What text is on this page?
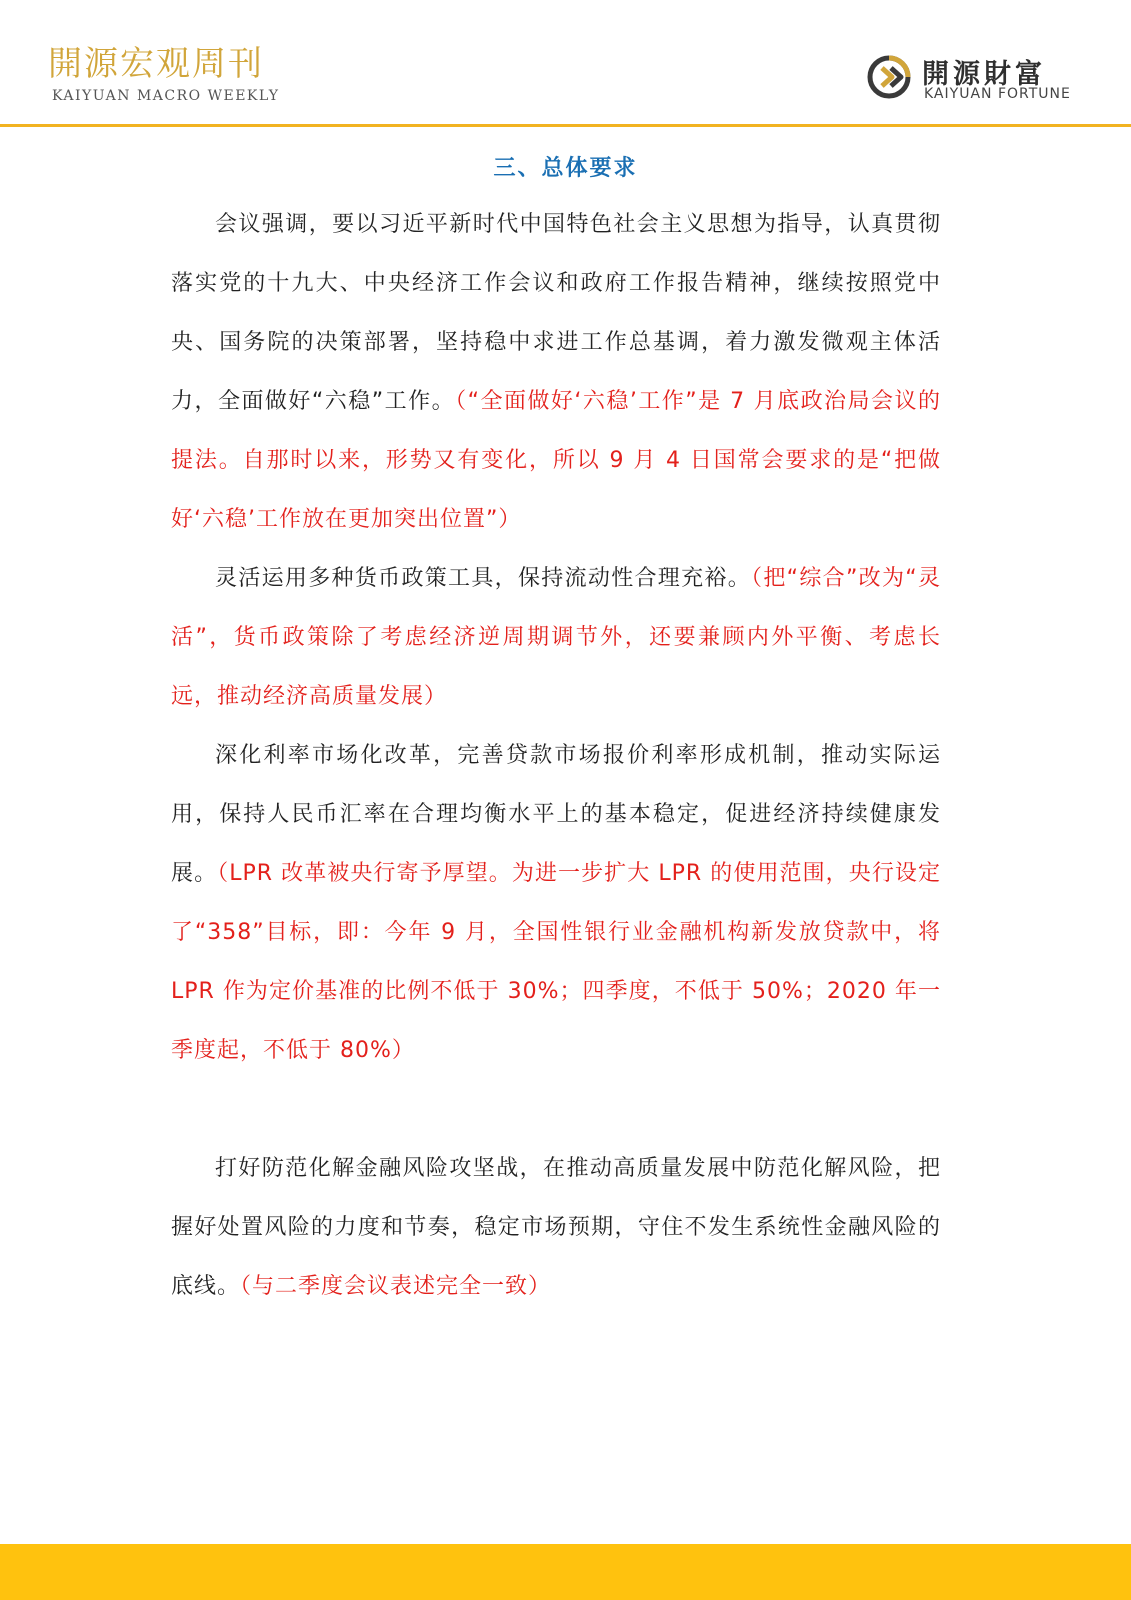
開源宏观周刊
KAIYUAN MACRO WEEKLY
開源財富
KAIYUAN FORTUNE
三、总体要求

会议强调，要以习近平新时代中国特色社会主义思想为指导，认真贯彻落实党的十九大、中央经济工作会议和政府工作报告精神，继续按照党中央、国务院的决策部署，坚持稳中求进工作总基调，着力激发微观主体活力，全面做好“六稳”工作。（“全面做好‘六稳’工作”是 7 月底政治局会议的提法。自那时以来，形势又有变化，所以 9 月 4 日国常会要求的是“把做好‘六稳’工作放在更加突出位置”）

灵活运用多种货币政策工具，保持流动性合理充裕。（把“综合”改为“灵活”，货币政策除了考虑经济逆周期调节外，还要兼顾内外平衡、考虑长远，推动经济高质量发展）

深化利率市场化改革，完善贷款市场报价利率形成机制，推动实际运用，保持人民币汇率在合理均衡水平上的基本稳定，促进经济持续健康发展。（LPR 改革被央行寄予厚望。为进一步扩大 LPR 的使用范围，央行设定了“358”目标，即：今年 9 月，全国性银行业金融机构新发放贷款中，将 LPR 作为定价基准的比例不低于 30%；四季度，不低于 50%；2020 年一季度起，不低于 80%）

打好防范化解金融风险攻坚战，在推动高质量发展中防范化解风险，把握好处置风险的力度和节奏，稳定市场预期，守住不发生系统性金融风险的底线。（与二季度会议表述完全一致）
